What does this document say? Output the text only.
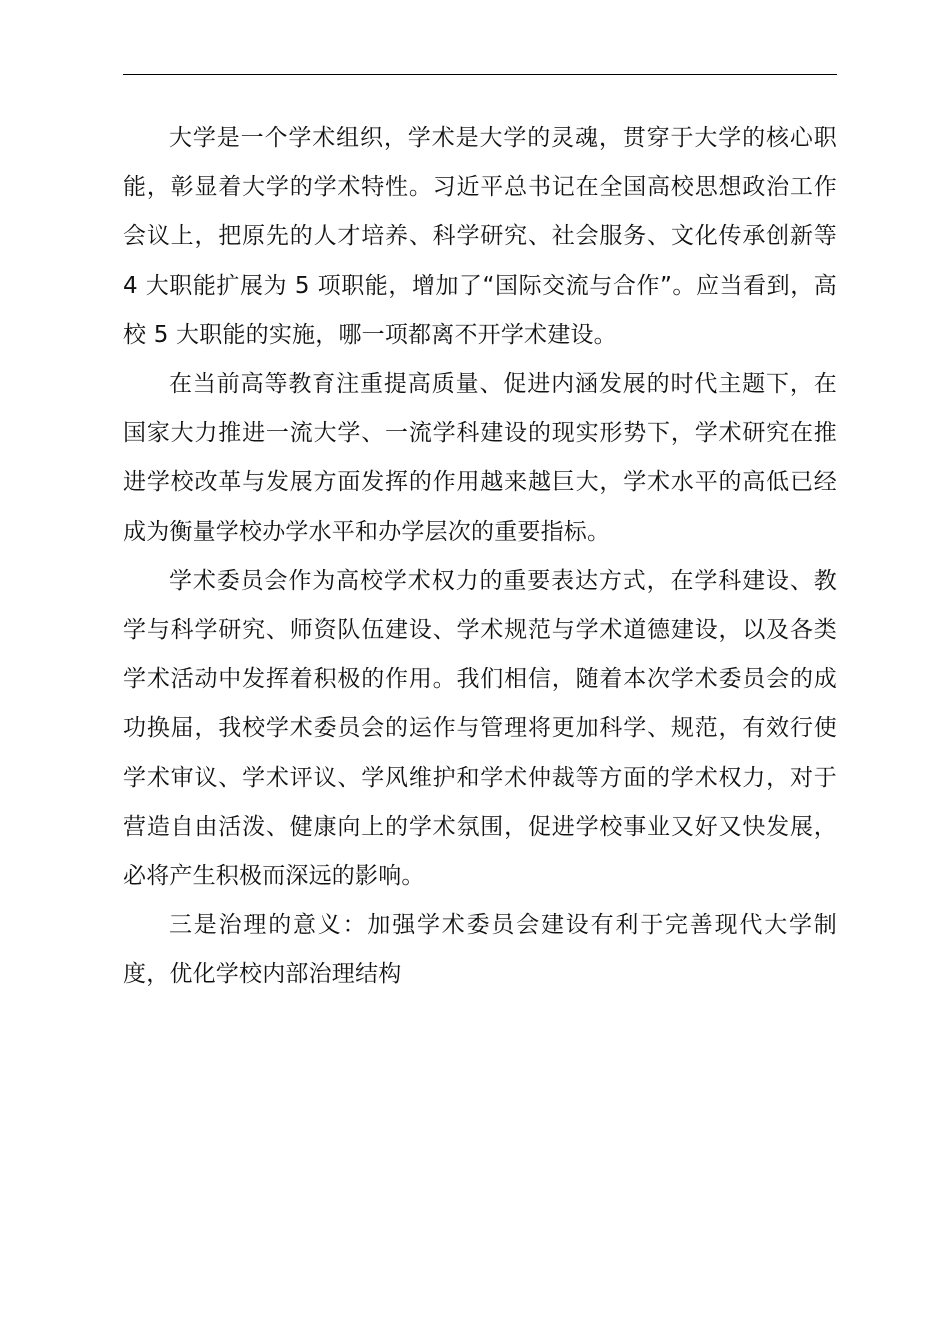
大学是一个学术组织，学术是大学的灵魂，贯穿于大学的核心职能，彰显着大学的学术特性。习近平总书记在全国高校思想政治工作会议上，把原先的人才培养、科学研究、社会服务、文化传承创新等 4 大职能扩展为 5 项职能，增加了“国际交流与合作”。应当看到，高校 5 大职能的实施，哪一项都离不开学术建设。

在当前高等教育注重提高质量、促进内涵发展的时代主题下，在国家大力推进一流大学、一流学科建设的现实形势下，学术研究在推进学校改革与发展方面发挥的作用越来越巨大，学术水平的高低已经成为衡量学校办学水平和办学层次的重要指标。

学术委员会作为高校学术权力的重要表达方式，在学科建设、教学与科学研究、师资队伍建设、学术规范与学术道德建设，以及各类学术活动中发挥着积极的作用。我们相信，随着本次学术委员会的成功换届，我校学术委员会的运作与管理将更加科学、规范，有效行使学术审议、学术评议、学风维护和学术仲裁等方面的学术权力，对于营造自由活泼、健康向上的学术氛围，促进学校事业又好又快发展，必将产生积极而深远的影响。

三是治理的意义：加强学术委员会建设有利于完善现代大学制度，优化学校内部治理结构
